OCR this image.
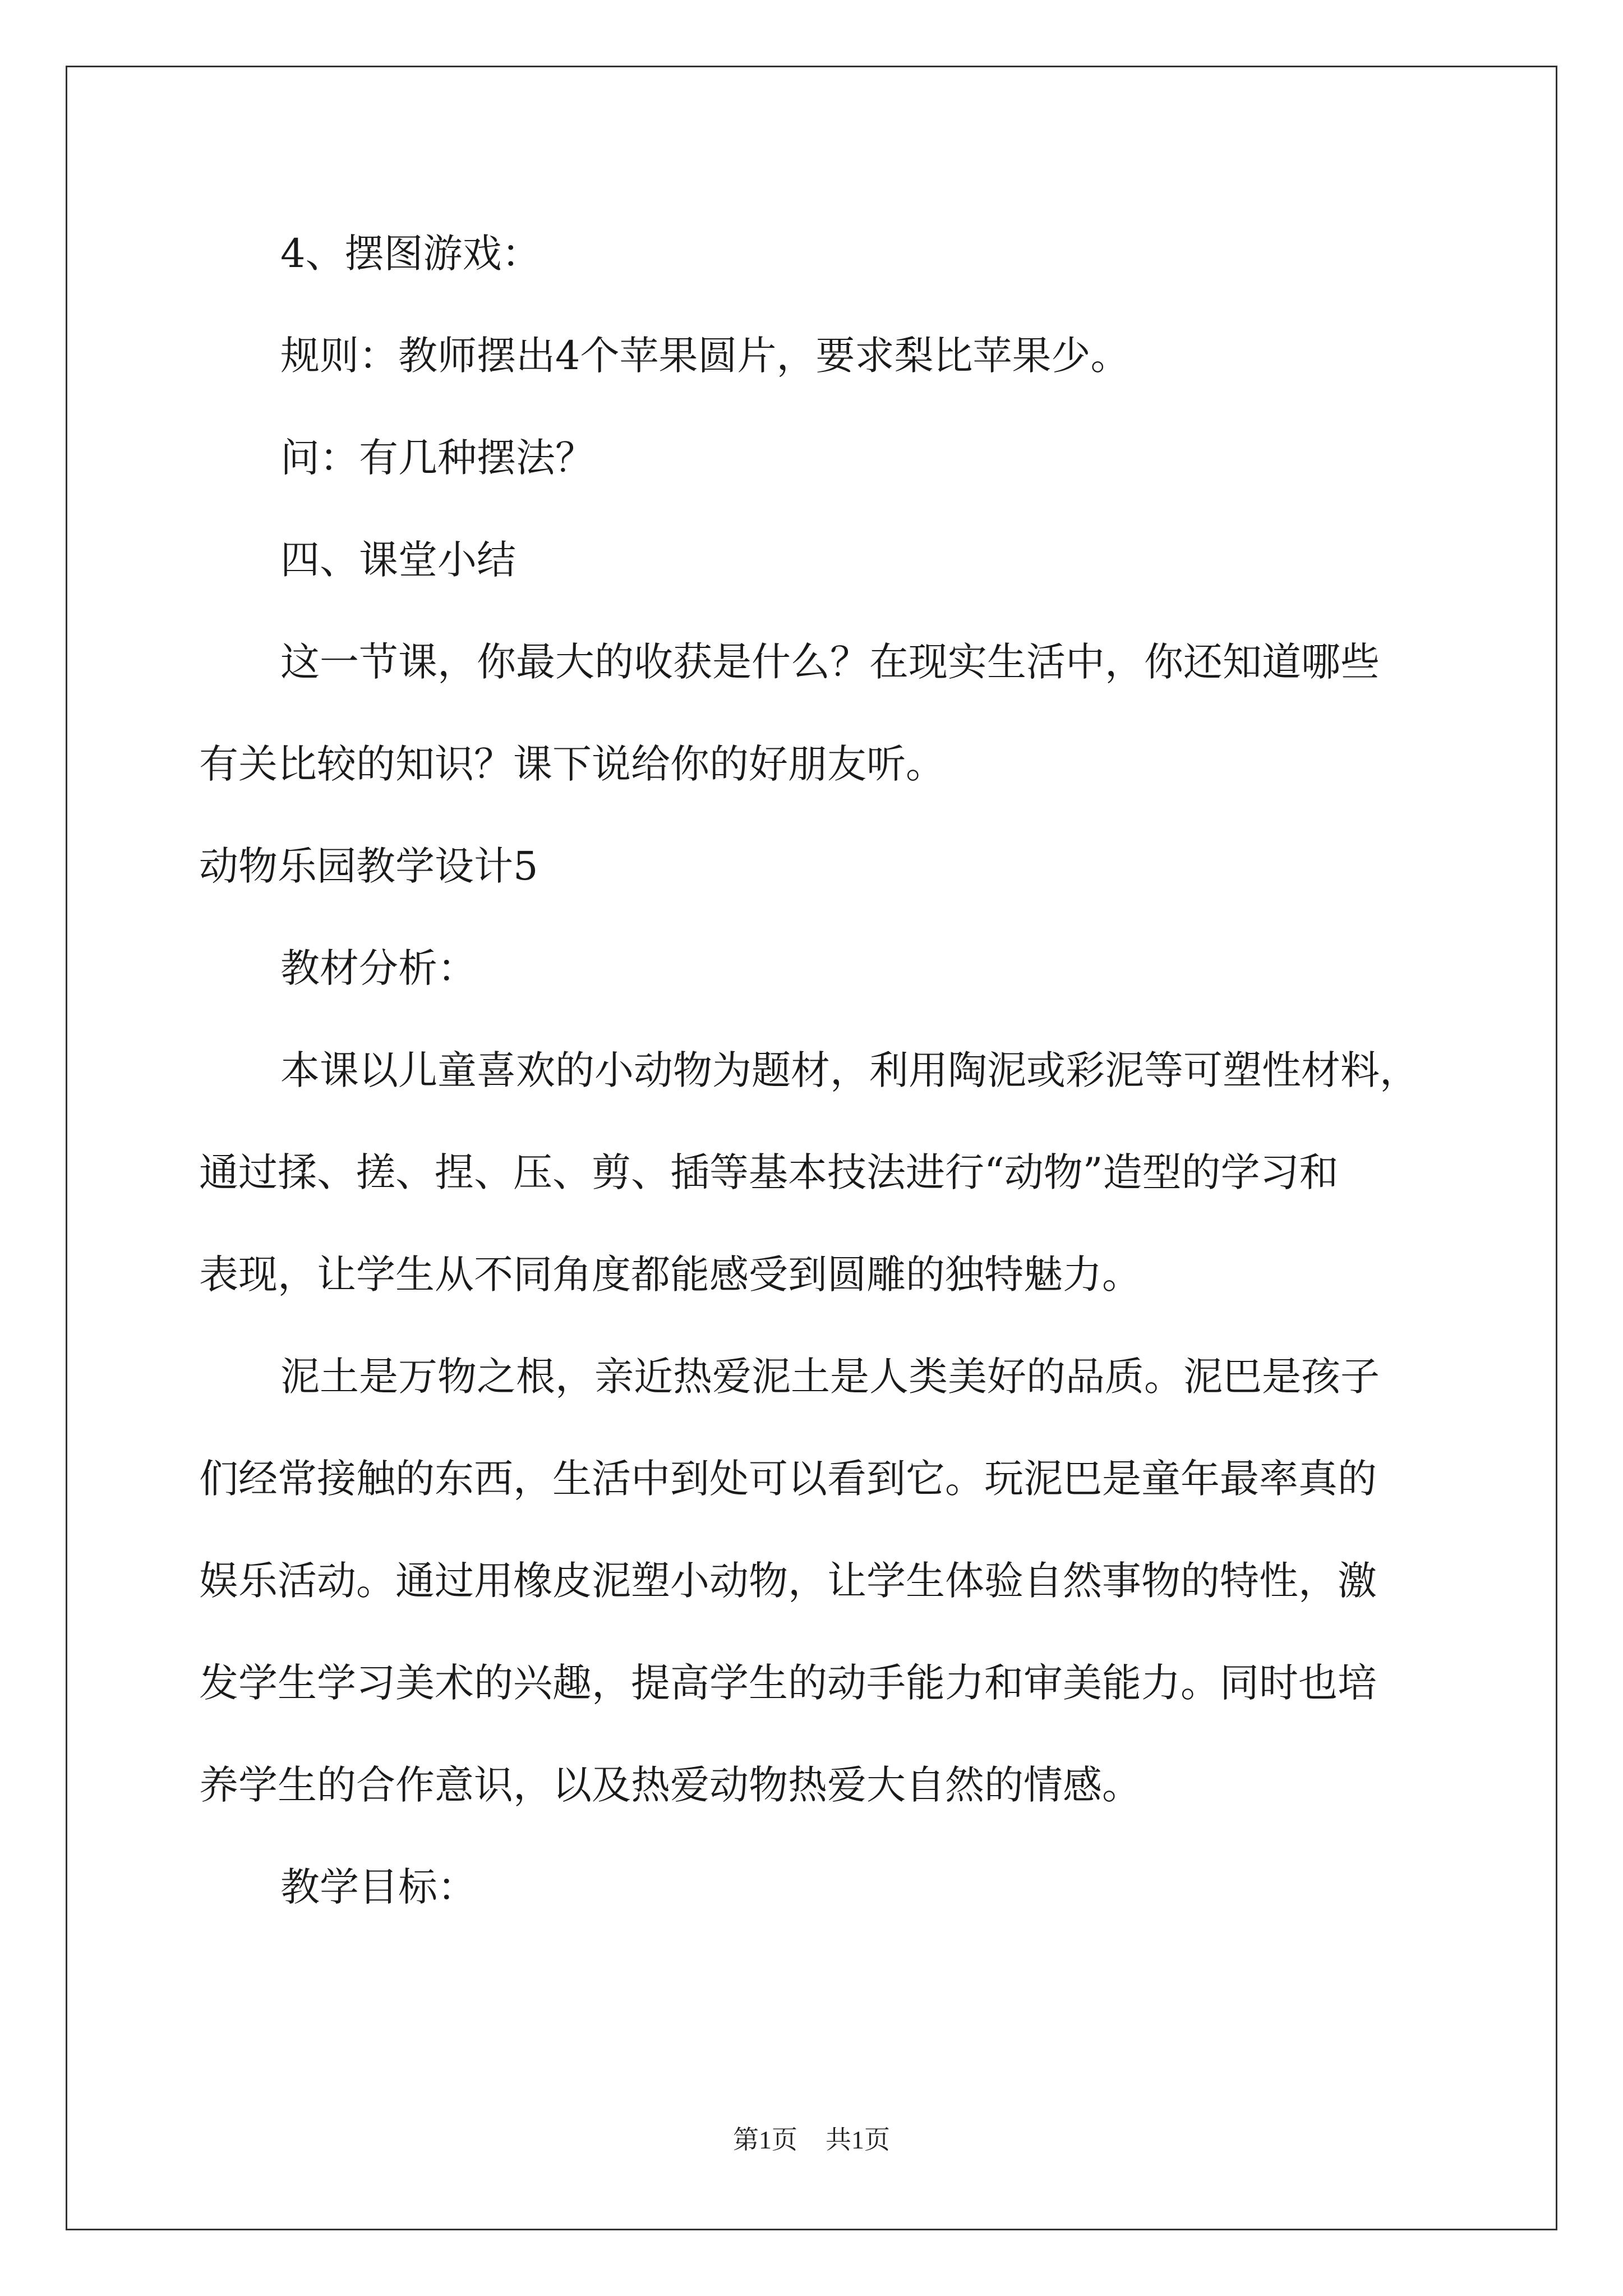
4、摆图游戏：
规则：教师摆出4个苹果圆片，要求梨比苹果少。
问：有几种摆法？
四、课堂小结
这一节课，你最大的收获是什么？在现实生活中，你还知道哪些
有关比较的知识？课下说给你的好朋友听。
动物乐园教学设计5
教材分析：
本课以儿童喜欢的小动物为题材，利用陶泥或彩泥等可塑性材料，
通过揉、搓、捏、压、剪、插等基本技法进行“动物”造型的学习和
表现，让学生从不同角度都能感受到圆雕的独特魅力。
泥土是万物之根，亲近热爱泥土是人类美好的品质。泥巴是孩子
们经常接触的东西，生活中到处可以看到它。玩泥巴是童年最率真的
娱乐活动。通过用橡皮泥塑小动物，让学生体验自然事物的特性，激
发学生学习美术的兴趣，提高学生的动手能力和审美能力。同时也培
养学生的合作意识，以及热爱动物热爱大自然的情感。
教学目标：
第1页 共1页
